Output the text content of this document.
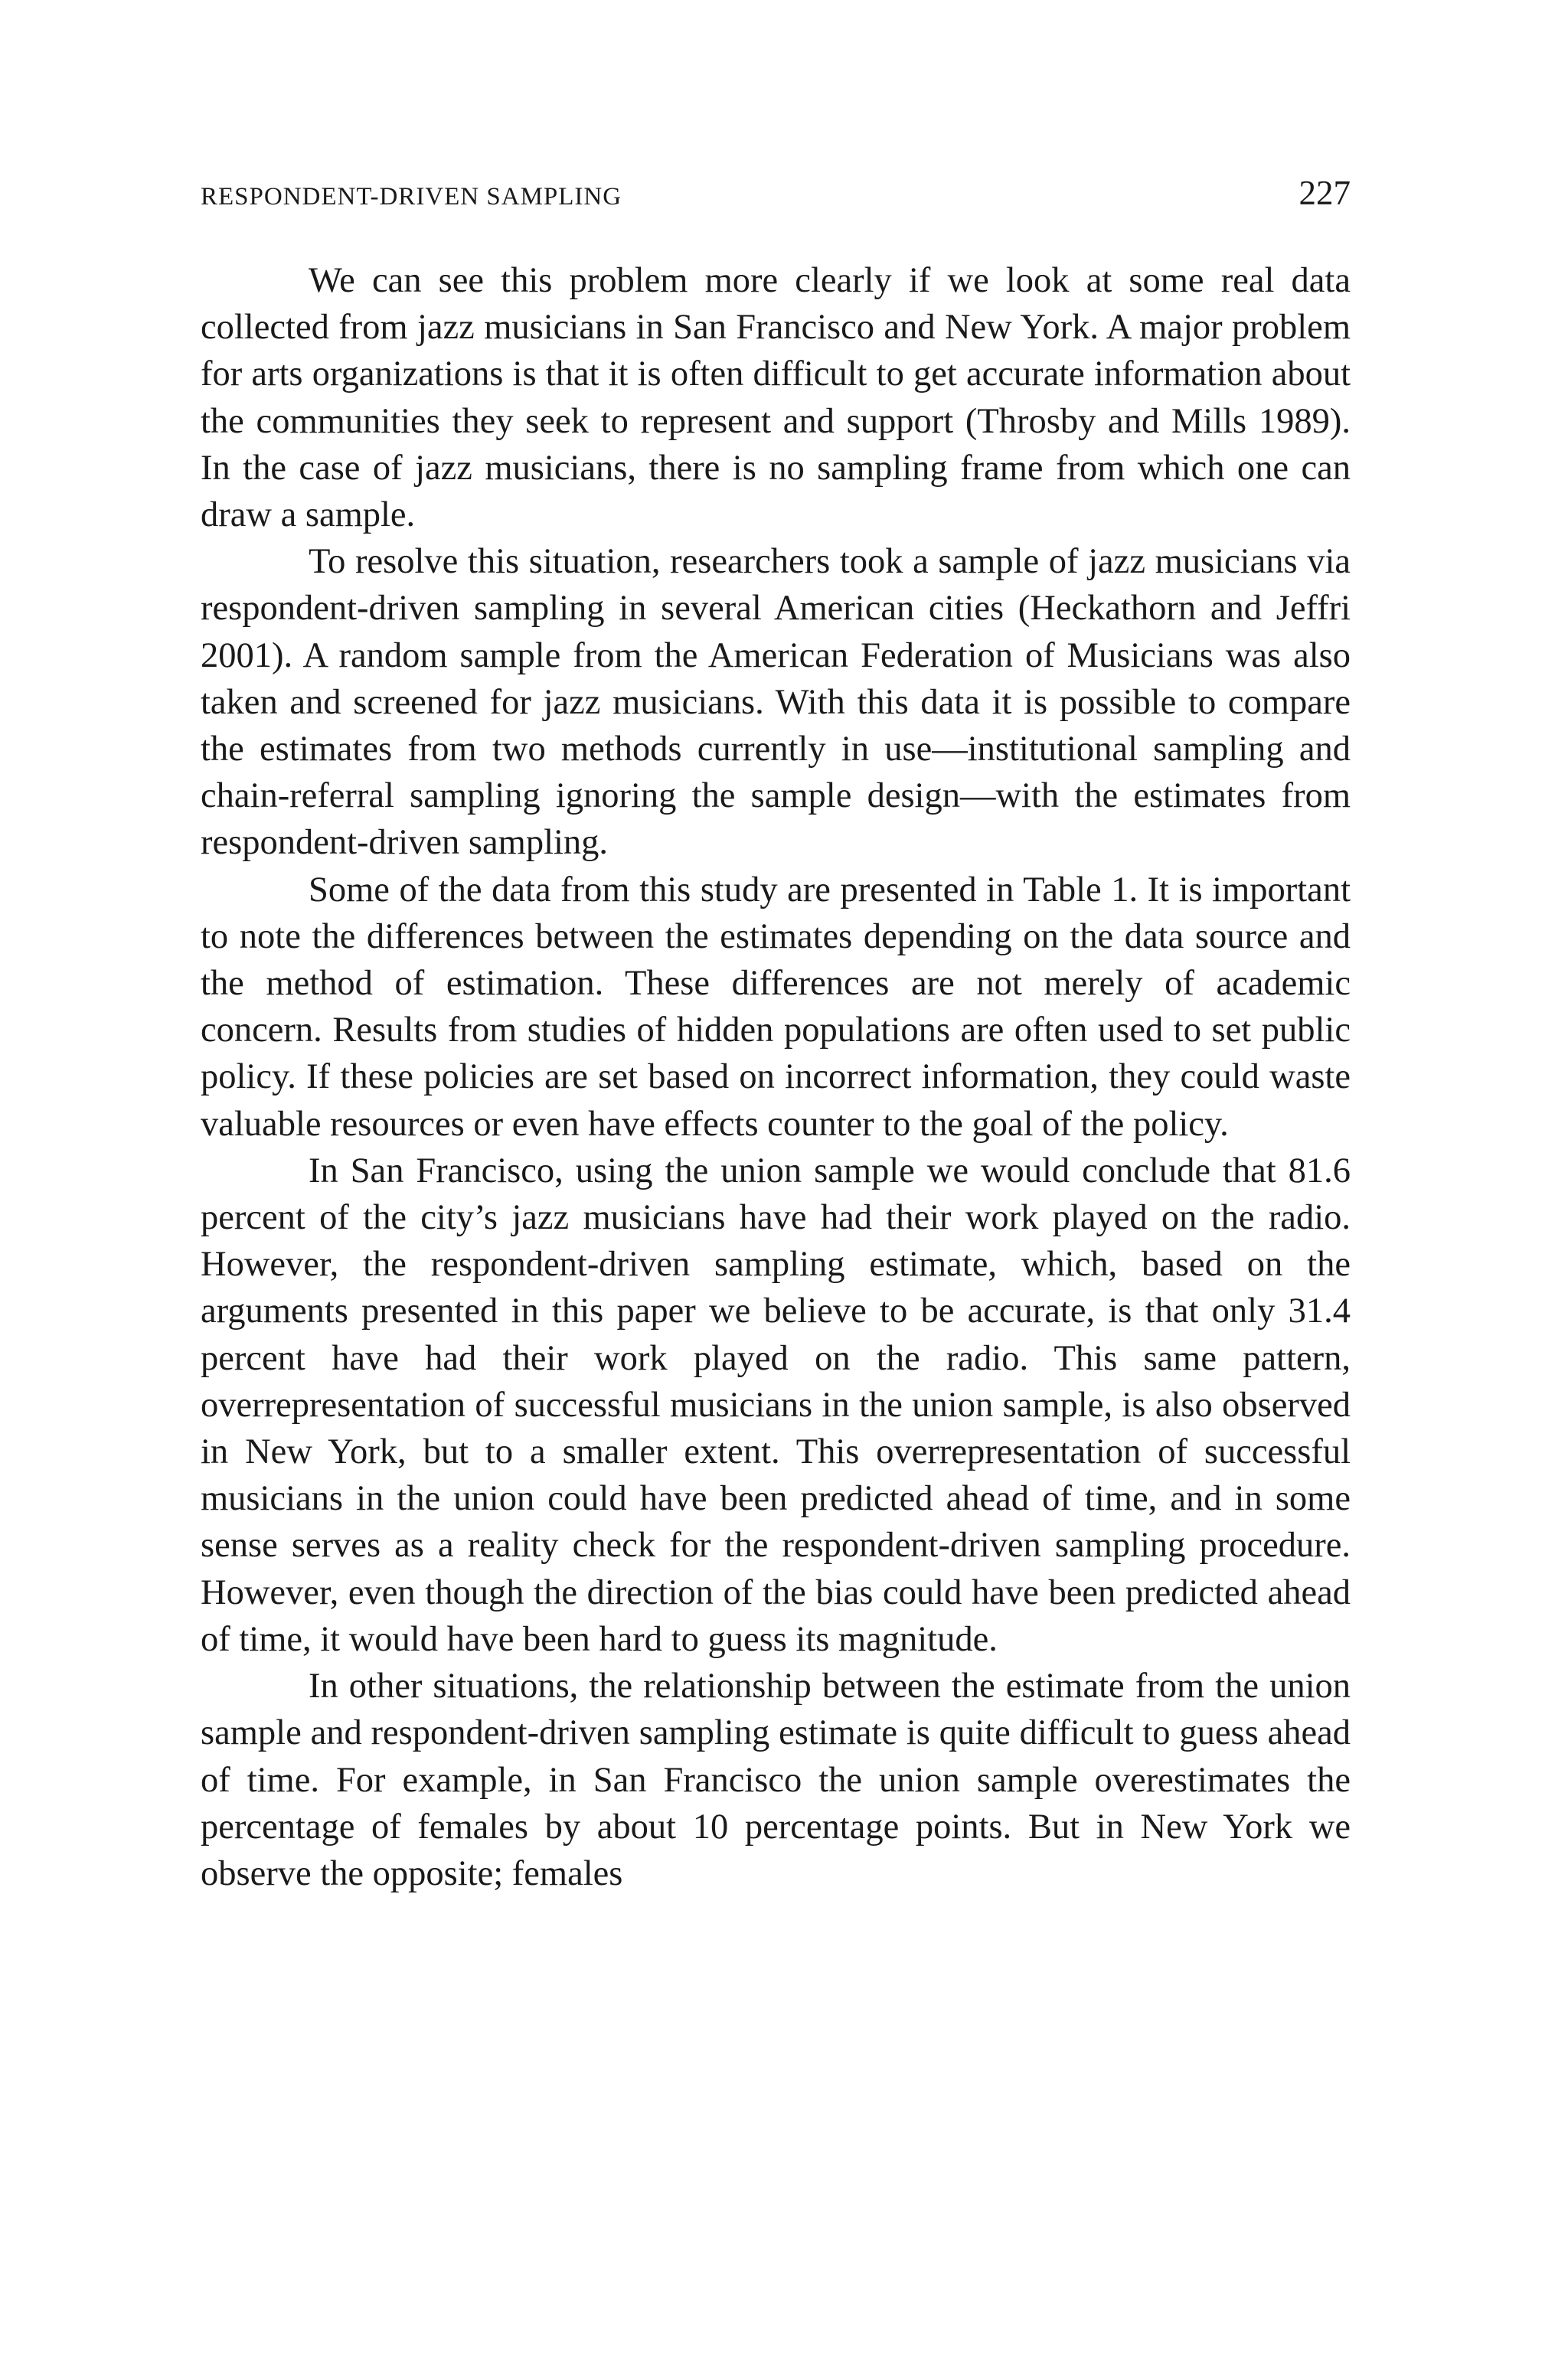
RESPONDENT-DRIVEN SAMPLING	227

We can see this problem more clearly if we look at some real data collected from jazz musicians in San Francisco and New York. A major problem for arts organizations is that it is often difficult to get accurate information about the communities they seek to represent and support (Throsby and Mills 1989). In the case of jazz musicians, there is no sampling frame from which one can draw a sample.

To resolve this situation, researchers took a sample of jazz musicians via respondent-driven sampling in several American cities (Heckathorn and Jeffri 2001). A random sample from the American Federation of Musicians was also taken and screened for jazz musicians. With this data it is possible to compare the estimates from two methods currently in use—institutional sampling and chain-referral sampling ignoring the sample design—with the estimates from respondent-driven sampling.

Some of the data from this study are presented in Table 1. It is important to note the differences between the estimates depending on the data source and the method of estimation. These differences are not merely of academic concern. Results from studies of hidden populations are often used to set public policy. If these policies are set based on incorrect information, they could waste valuable resources or even have effects counter to the goal of the policy.

In San Francisco, using the union sample we would conclude that 81.6 percent of the city’s jazz musicians have had their work played on the radio. However, the respondent-driven sampling estimate, which, based on the arguments presented in this paper we believe to be accurate, is that only 31.4 percent have had their work played on the radio. This same pattern, overrepresentation of successful musicians in the union sample, is also observed in New York, but to a smaller extent. This overrepresentation of successful musicians in the union could have been predicted ahead of time, and in some sense serves as a reality check for the respondent-driven sampling procedure. However, even though the direction of the bias could have been predicted ahead of time, it would have been hard to guess its magnitude.

In other situations, the relationship between the estimate from the union sample and respondent-driven sampling estimate is quite difficult to guess ahead of time. For example, in San Francisco the union sample overestimates the percentage of females by about 10 percentage points. But in New York we observe the opposite; females
